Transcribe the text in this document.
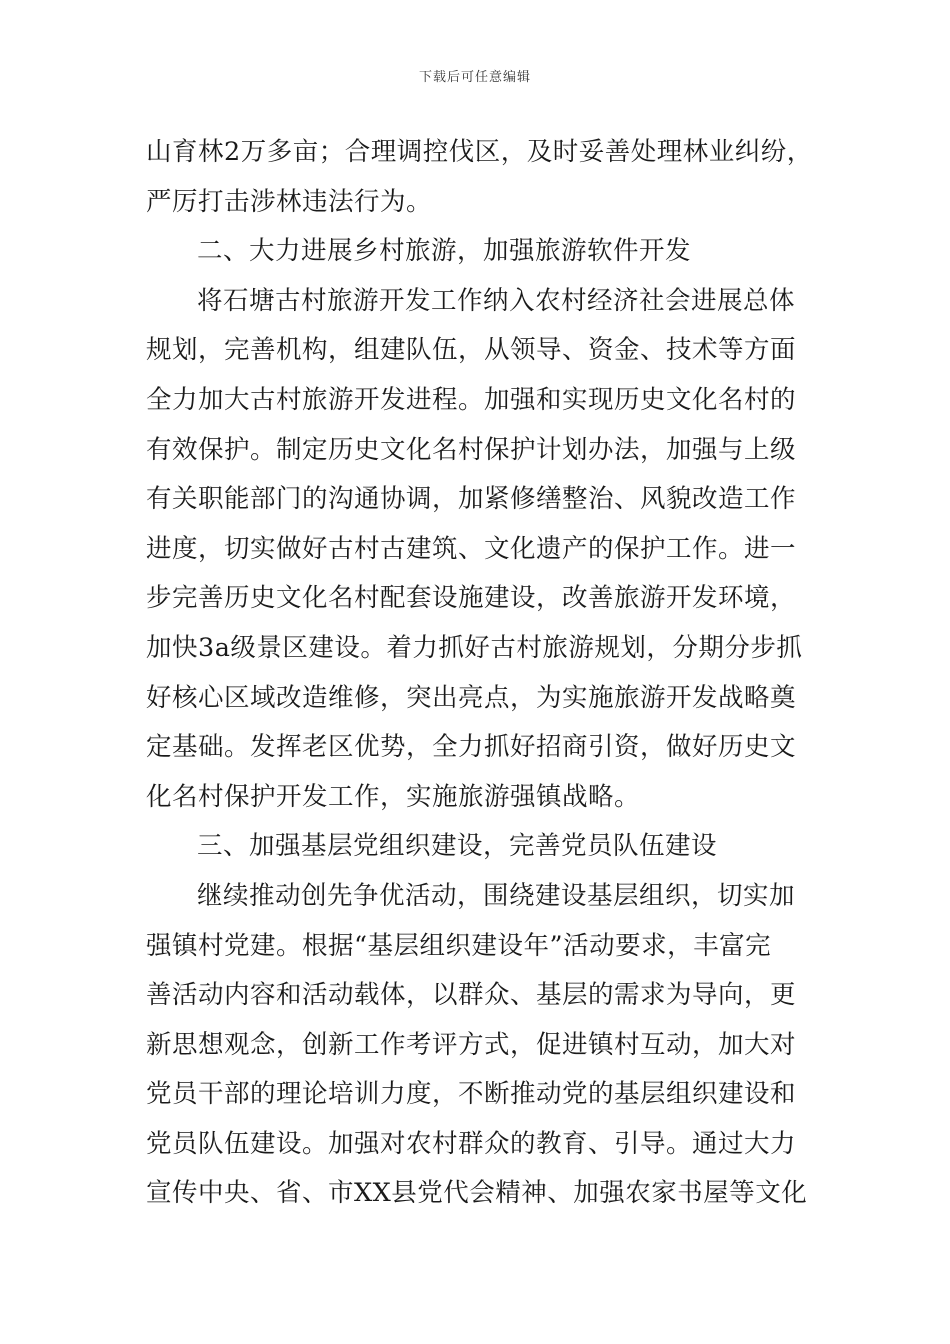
下载后可任意编辑
山育林2万多亩；合理调控伐区，及时妥善处理林业纠纷，
严厉打击涉林违法行为。
二、大力进展乡村旅游，加强旅游软件开发
将石塘古村旅游开发工作纳入农村经济社会进展总体
规划，完善机构，组建队伍，从领导、资金、技术等方面
全力加大古村旅游开发进程。加强和实现历史文化名村的
有效保护。制定历史文化名村保护计划办法，加强与上级
有关职能部门的沟通协调，加紧修缮整治、风貌改造工作
进度，切实做好古村古建筑、文化遗产的保护工作。进一
步完善历史文化名村配套设施建设，改善旅游开发环境，
加快3a级景区建设。着力抓好古村旅游规划，分期分步抓
好核心区域改造维修，突出亮点，为实施旅游开发战略奠
定基础。发挥老区优势，全力抓好招商引资，做好历史文
化名村保护开发工作，实施旅游强镇战略。
三、加强基层党组织建设，完善党员队伍建设
继续推动创先争优活动，围绕建设基层组织，切实加
强镇村党建。根据“基层组织建设年”活动要求，丰富完
善活动内容和活动载体，以群众、基层的需求为导向，更
新思想观念，创新工作考评方式，促进镇村互动，加大对
党员干部的理论培训力度，不断推动党的基层组织建设和
党员队伍建设。加强对农村群众的教育、引导。通过大力
宣传中央、省、市XX县党代会精神、加强农家书屋等文化
